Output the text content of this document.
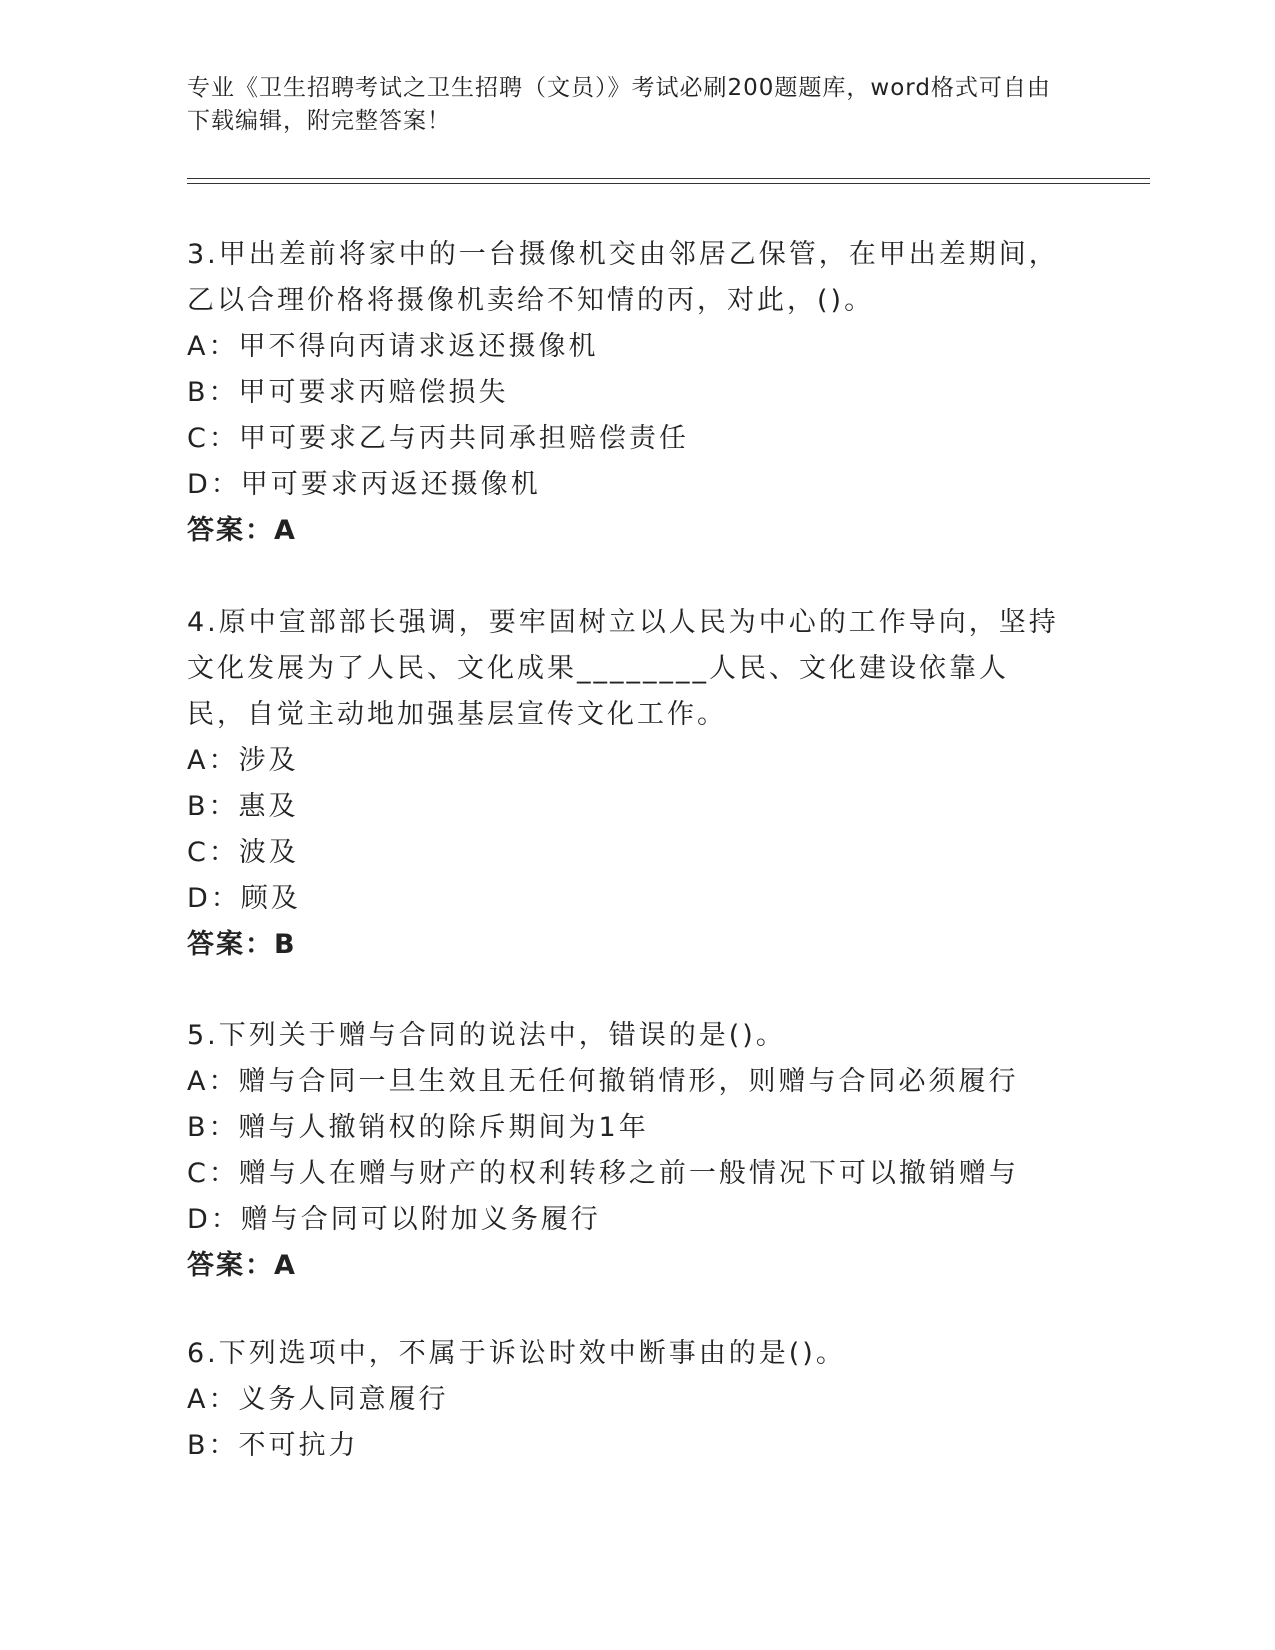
专业《卫生招聘考试之卫生招聘（文员）》考试必刷200题题库，word格式可自由下载编辑，附完整答案！

3.甲出差前将家中的一台摄像机交由邻居乙保管，在甲出差期间，乙以合理价格将摄像机卖给不知情的丙，对此，()。

A：甲不得向丙请求返还摄像机

B：甲可要求丙赔偿损失

C：甲可要求乙与丙共同承担赔偿责任

D：甲可要求丙返还摄像机

答案：A

4.原中宣部部长强调，要牢固树立以人民为中心的工作导向，坚持文化发展为了人民、文化成果________人民、文化建设依靠人民，自觉主动地加强基层宣传文化工作。

A：涉及

B：惠及

C：波及

D：顾及

答案：B

5.下列关于赠与合同的说法中，错误的是()。

A：赠与合同一旦生效且无任何撤销情形，则赠与合同必须履行

B：赠与人撤销权的除斥期间为1年

C：赠与人在赠与财产的权利转移之前一般情况下可以撤销赠与

D：赠与合同可以附加义务履行

答案：A

6.下列选项中，不属于诉讼时效中断事由的是()。

A：义务人同意履行

B：不可抗力
